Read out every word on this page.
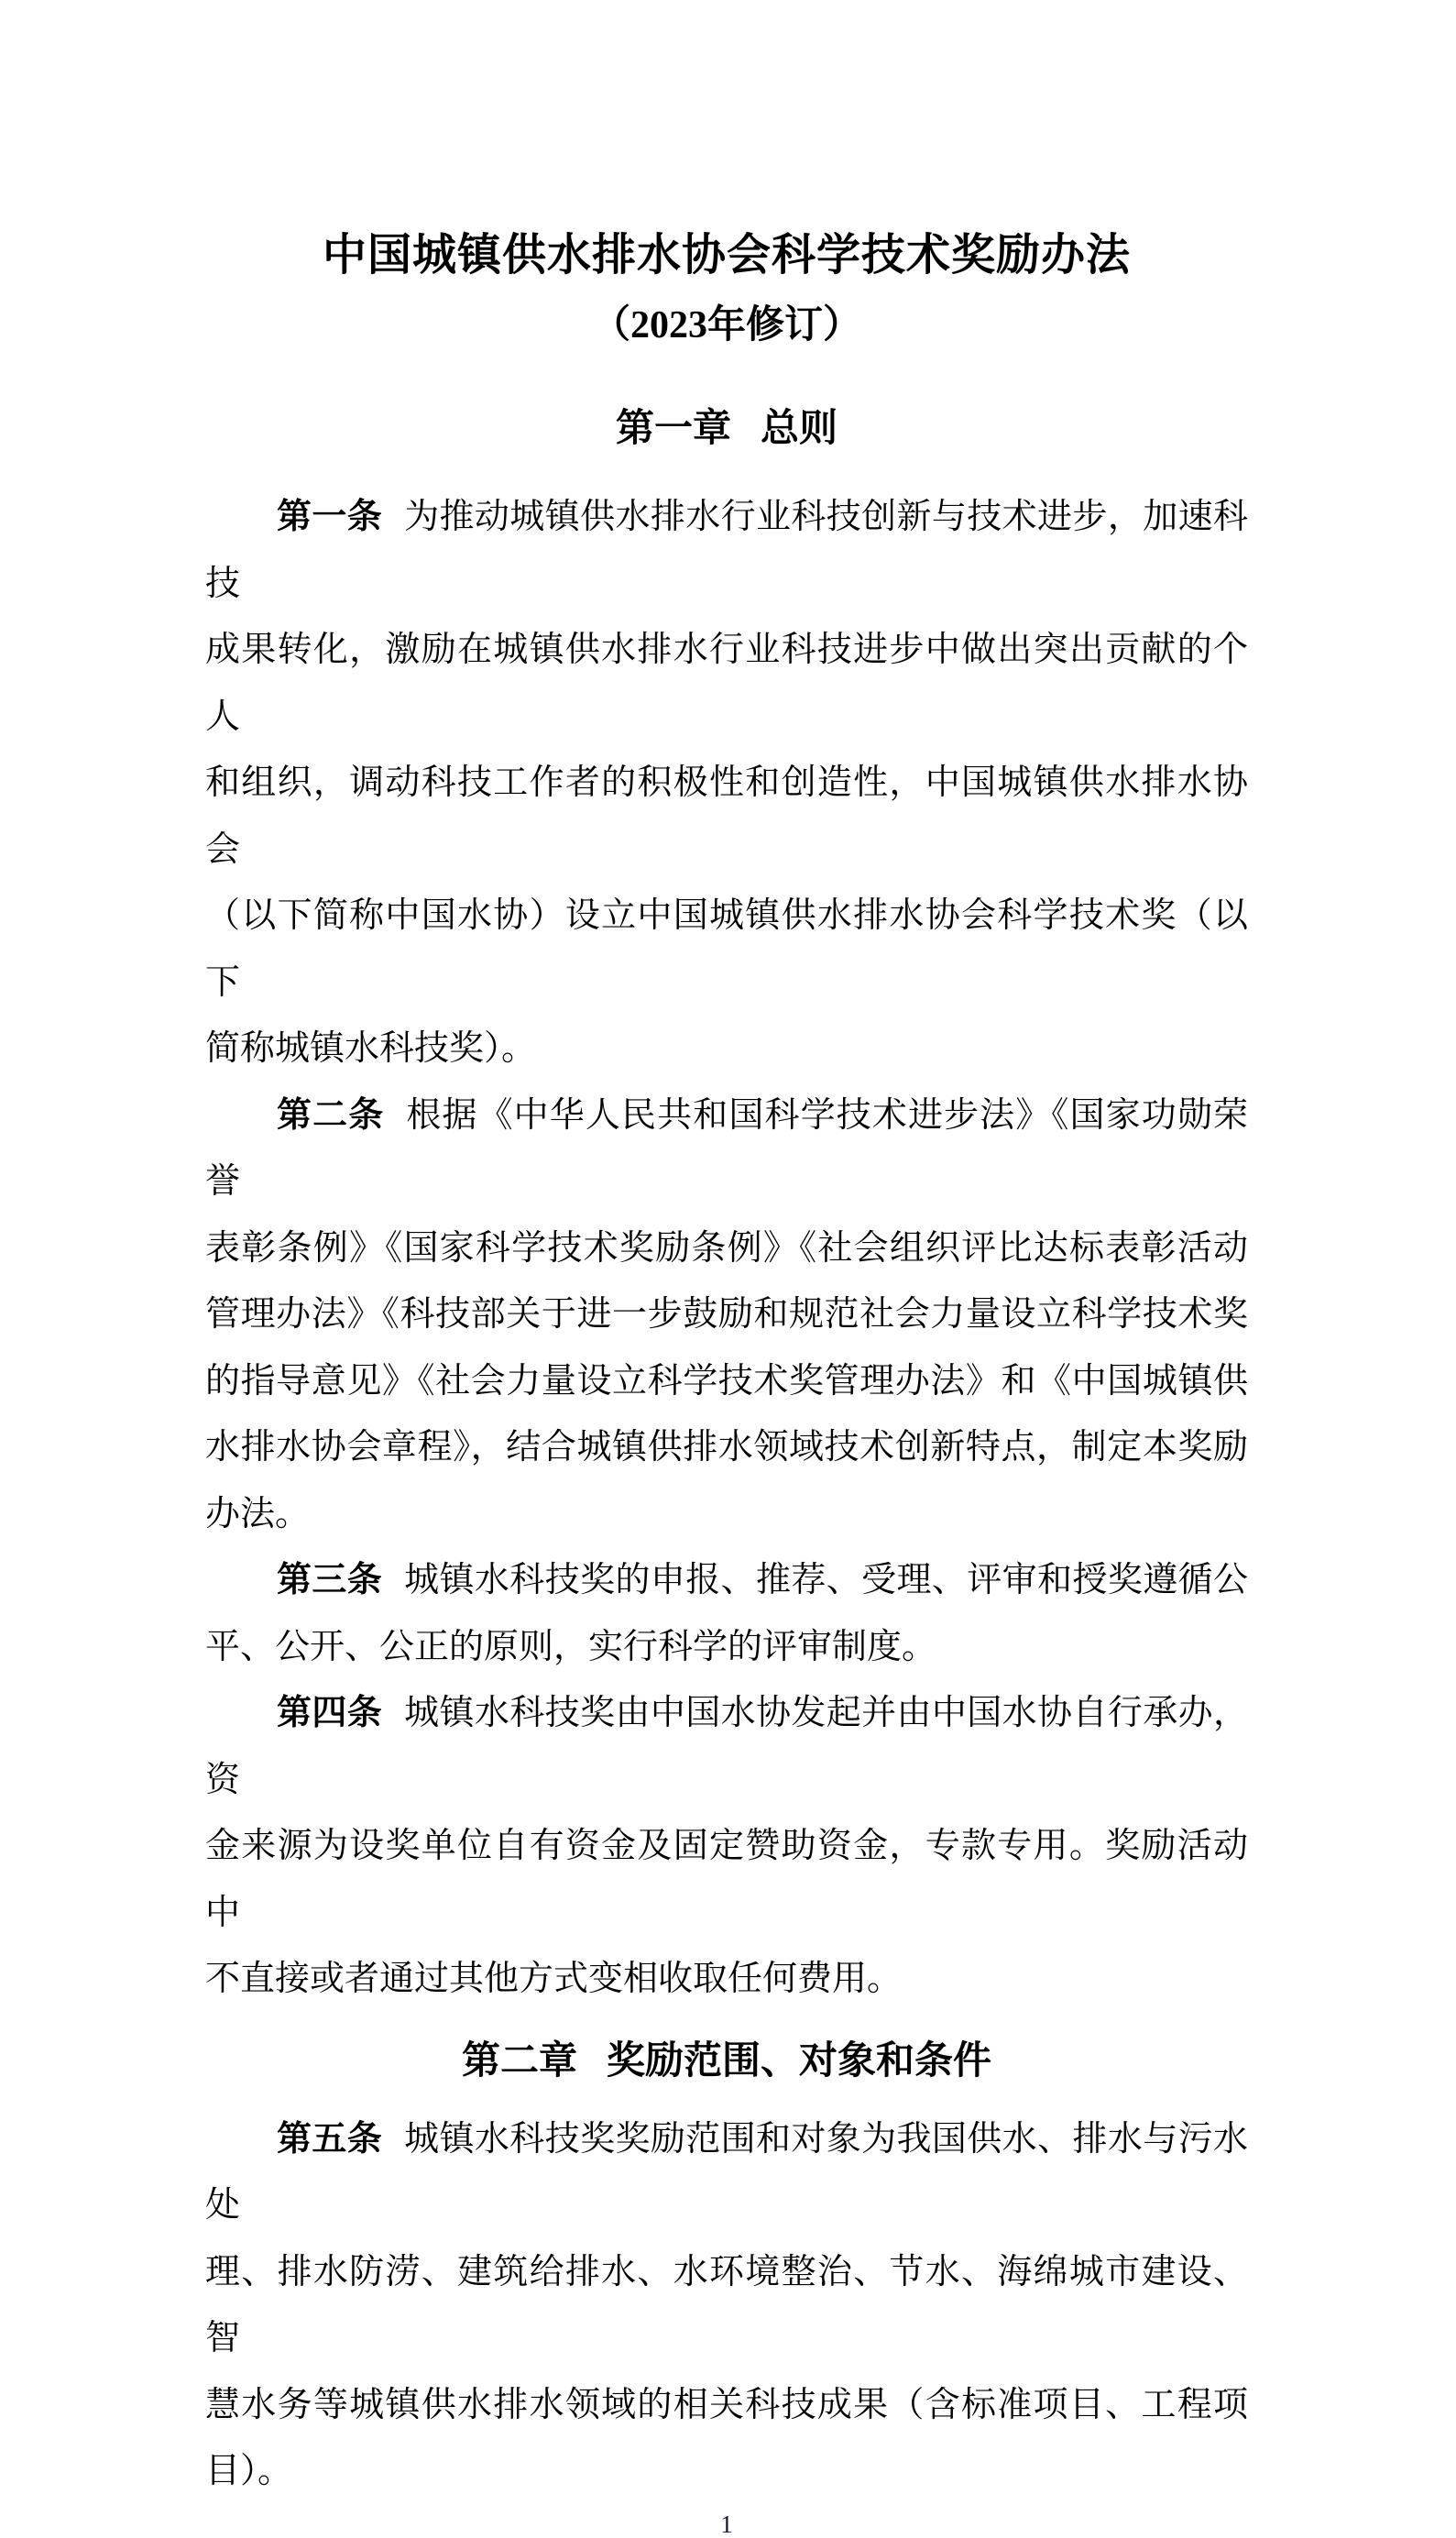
中国城镇供水排水协会科学技术奖励办法
（2023年修订）
第一章 总则

第一条 为推动城镇供水排水行业科技创新与技术进步，加速科技

成果转化，激励在城镇供水排水行业科技进步中做出突出贡献的个人

和组织，调动科技工作者的积极性和创造性，中国城镇供水排水协会

（以下简称中国水协）设立中国城镇供水排水协会科学技术奖（以下

简称城镇水科技奖）。

第二条 根据《中华人民共和国科学技术进步法》《国家功勋荣誉

表彰条例》《国家科学技术奖励条例》《社会组织评比达标表彰活动

管理办法》《科技部关于进一步鼓励和规范社会力量设立科学技术奖

的指导意见》《社会力量设立科学技术奖管理办法》和《中国城镇供

水排水协会章程》，结合城镇供排水领域技术创新特点，制定本奖励

办法。

第三条 城镇水科技奖的申报、推荐、受理、评审和授奖遵循公

平、公开、公正的原则，实行科学的评审制度。

第四条 城镇水科技奖由中国水协发起并由中国水协自行承办，资

金来源为设奖单位自有资金及固定赞助资金，专款专用。奖励活动中

不直接或者通过其他方式变相收取任何费用。

第二章 奖励范围、对象和条件

第五条 城镇水科技奖奖励范围和对象为我国供水、排水与污水处

理、排水防涝、建筑给排水、水环境整治、节水、海绵城市建设、智

慧水务等城镇供水排水领域的相关科技成果（含标准项目、工程项

目）。

1
